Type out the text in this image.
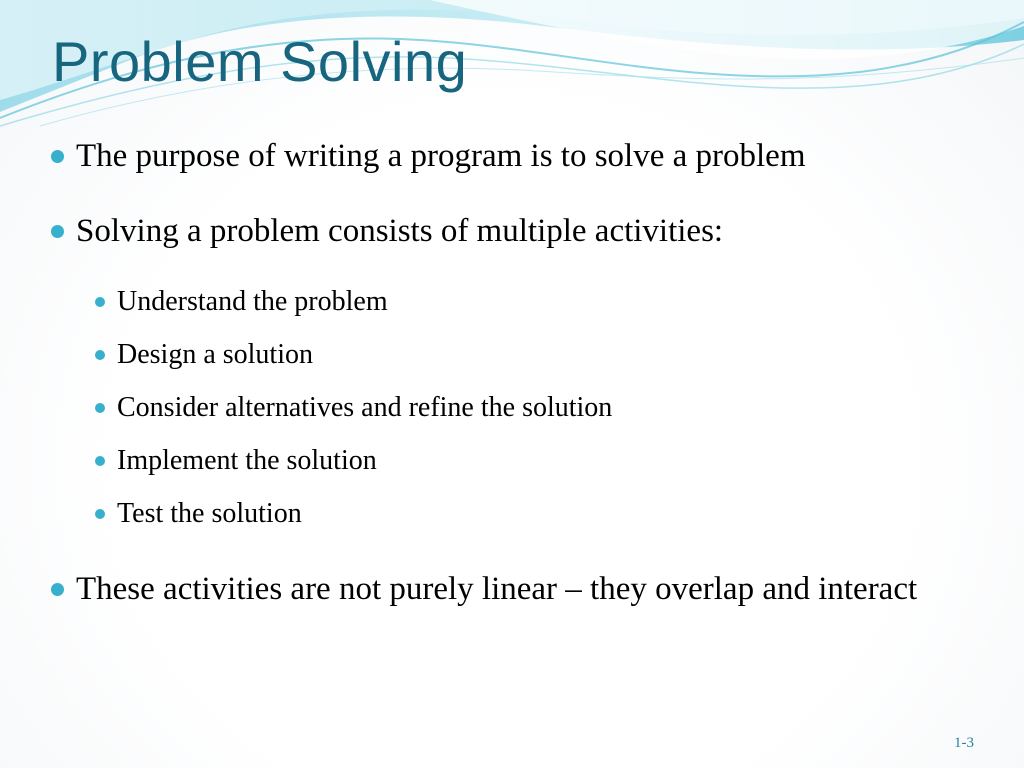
Problem Solving
The purpose of writing a program is to solve a problem
Solving a problem consists of multiple activities:
Understand the problem
Design a solution
Consider alternatives and refine the solution
Implement the solution
Test the solution
These activities are not purely linear – they overlap and interact
1-3
